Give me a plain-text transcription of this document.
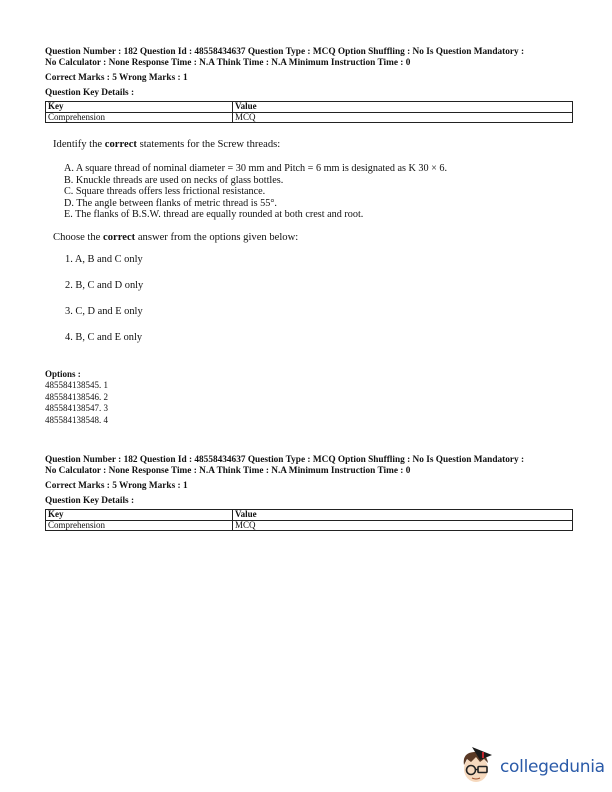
Question Number : 182 Question Id : 48558434637 Question Type : MCQ Option Shuffling : No Is Question Mandatory :

No Calculator : None Response Time : N.A Think Time : N.A Minimum Instruction Time : 0

Correct Marks : 5 Wrong Marks : 1

Question Key Details :

Key	Value
Comprehension	MCQ

Identify the correct statements for the Screw threads:

A. A square thread of nominal diameter = 30 mm and Pitch = 6 mm is designated as K 30 × 6.
B. Knuckle threads are used on necks of glass bottles.
C. Square threads offers less frictional resistance.
D. The angle between flanks of metric thread is 55°.
E. The flanks of B.S.W. thread are equally rounded at both crest and root.

Choose the correct answer from the options given below:

1. A, B and C only
2. B, C and D only
3. C, D and E only
4. B, C and E only
Options :
485584138545. 1
485584138546. 2
485584138547. 3
485584138548. 4

Question Number : 182 Question Id : 48558434637 Question Type : MCQ Option Shuffling : No Is Question Mandatory :

No Calculator : None Response Time : N.A Think Time : N.A Minimum Instruction Time : 0

Correct Marks : 5 Wrong Marks : 1

Question Key Details :

Key	Value
Comprehension	MCQ
collegedunia
